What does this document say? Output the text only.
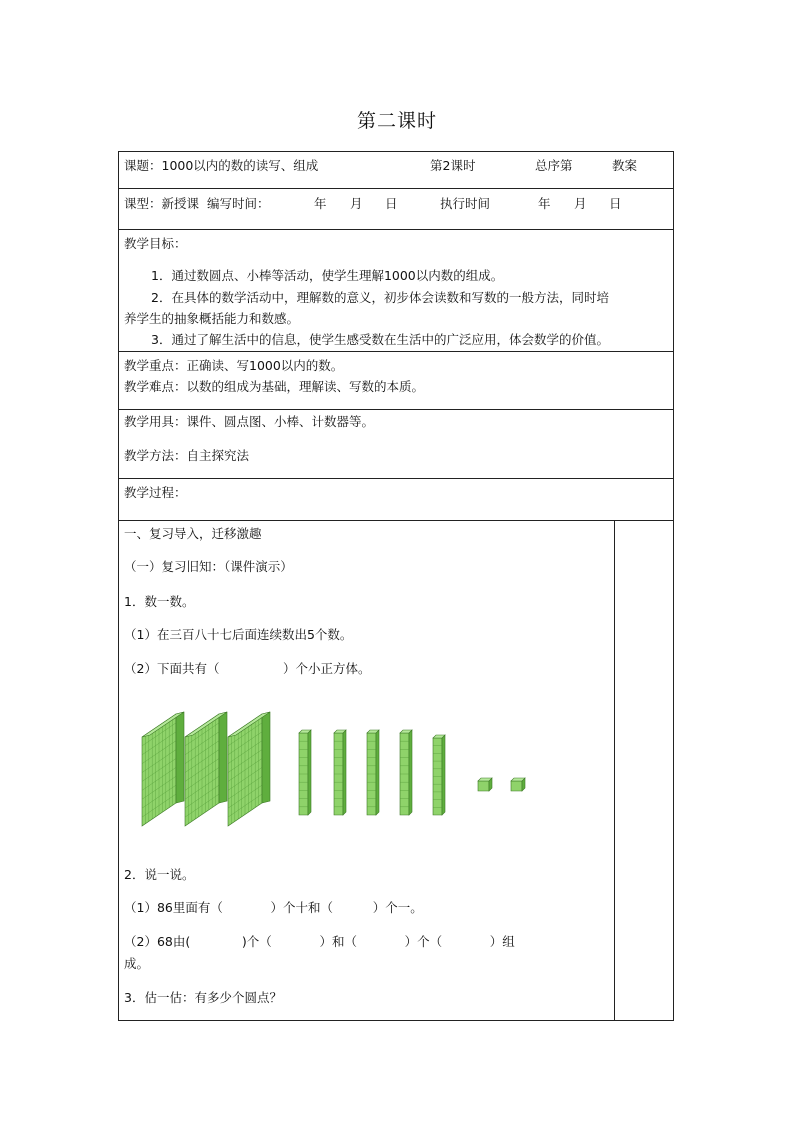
第二课时
课题：1000以内的数的读写、组成	第2课时	总序第	教案
课型：新授课 编写时间：	年 月 日	执行时间	年 月 日
教学目标：
1．通过数圆点、小棒等活动，使学生理解1000以内数的组成。
2．在具体的数学活动中，理解数的意义，初步体会读数和写数的一般方法，同时培
养学生的抽象概括能力和数感。
3．通过了解生活中的信息，使学生感受数在生活中的广泛应用，体会数学的价值。
教学重点：正确读、写1000以内的数。
教学难点：以数的组成为基础，理解读、写数的本质。
教学用具：课件、圆点图、小棒、计数器等。
教学方法：自主探究法
教学过程：
一、复习导入，迁移激趣
（一）复习旧知：（课件演示）
1．数一数。
（1）在三百八十七后面连续数出5个数。
（2）下面共有（                ）个小正方体。
2．说一说。
（1）86里面有（            ）个十和（          ）个一。
（2）68由(             )个（            ）和（            ）个（            ）组
成。
3．估一估：有多少个圆点？
